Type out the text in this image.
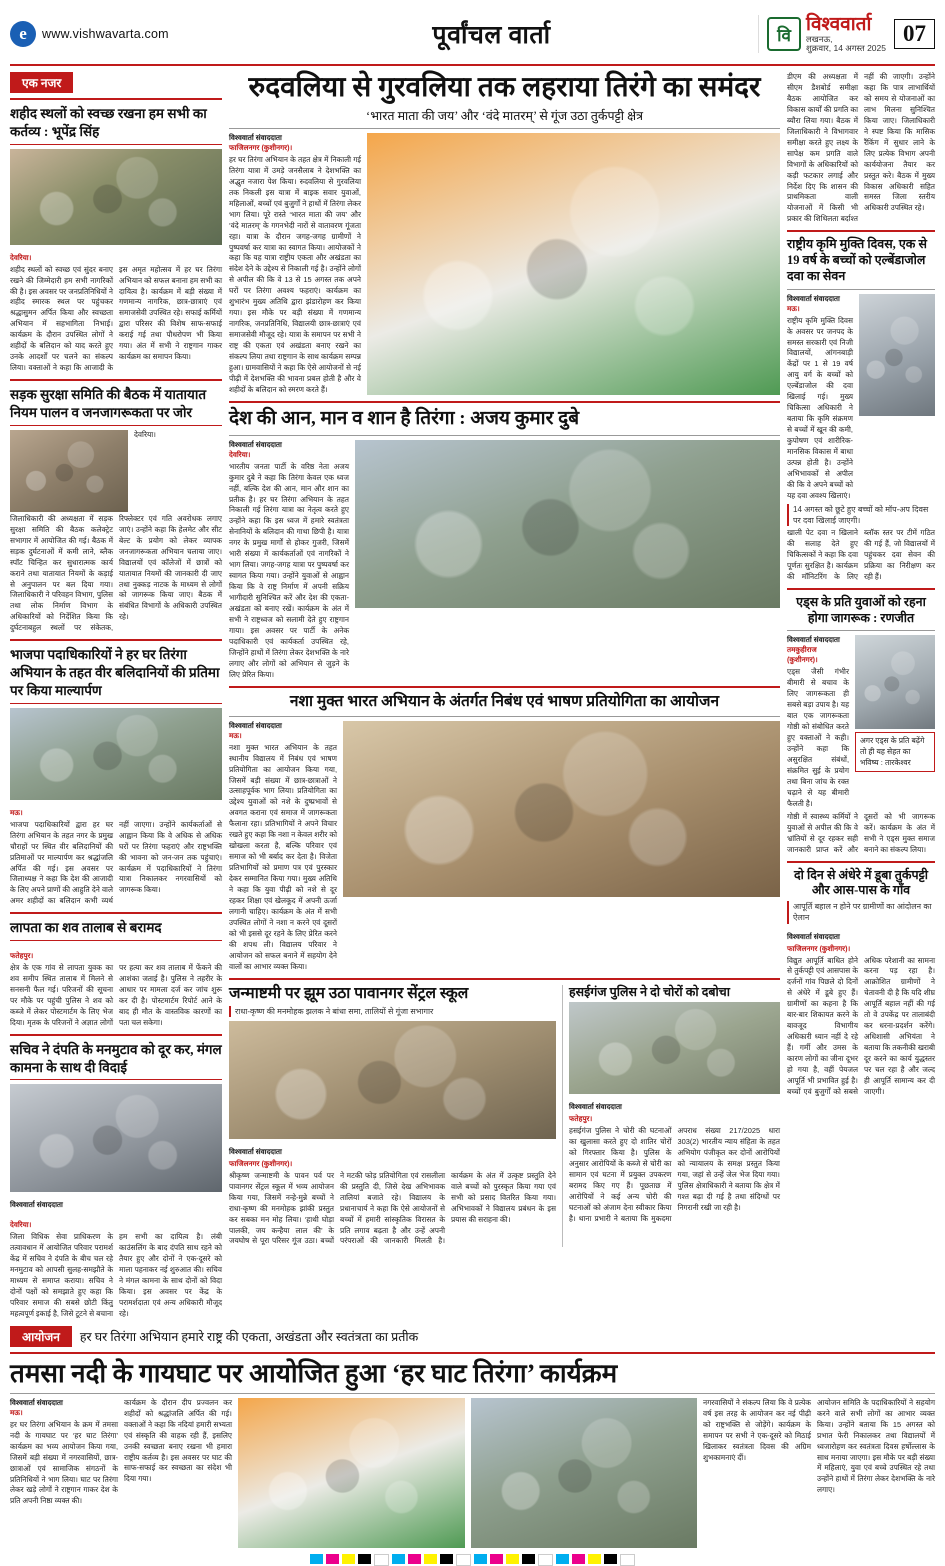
e	www.vishwavarta.com	पूर्वांचल वार्ता	वि विश्ववार्ता
लखनऊ,
शुक्रवार, 14 अगस्त 2025
07
एक नजर
शहीद स्थलों को स्वच्छ रखना हम सभी का कर्तव्य : भूपेंद्र सिंह
देवरिया।
शहीद स्थलों को स्वच्छ एवं सुंदर बनाए रखने की जिम्मेदारी हम सभी नागरिकों की है। इस अवसर पर जनप्रतिनिधियों ने शहीद स्मारक स्थल पर पहुंचकर श्रद्धासुमन अर्पित किया और स्वच्छता अभियान में सहभागिता निभाई। कार्यक्रम के दौरान उपस्थित लोगों ने शहीदों के बलिदान को याद करते हुए उनके आदर्शों पर चलने का संकल्प लिया। वक्ताओं ने कहा कि आजादी के इस अमृत महोत्सव में हर घर तिरंगा अभियान को सफल बनाना हम सभी का दायित्व है। कार्यक्रम में बड़ी संख्या में गणमान्य नागरिक, छात्र-छात्राएं एवं समाजसेवी उपस्थित रहे। सफाई कर्मियों द्वारा परिसर की विशेष साफ-सफाई कराई गई तथा पौधरोपण भी किया गया। अंत में सभी ने राष्ट्रगान गाकर कार्यक्रम का समापन किया।
सड़क सुरक्षा समिति की बैठक में यातायात नियम पालन व जनजागरूकता पर जोर
देवरिया।
जिलाधिकारी की अध्यक्षता में सड़क सुरक्षा समिति की बैठक कलेक्ट्रेट सभागार में आयोजित की गई। बैठक में सड़क दुर्घटनाओं में कमी लाने, ब्लैक स्पॉट चिन्हित कर सुधारात्मक कार्य कराने तथा यातायात नियमों के कड़ाई से अनुपालन पर बल दिया गया। जिलाधिकारी ने परिवहन विभाग, पुलिस तथा लोक निर्माण विभाग के अधिकारियों को निर्देशित किया कि दुर्घटनाबहुल स्थलों पर संकेतक, रिफ्लेक्टर एवं गति अवरोधक लगाए जाएं। उन्होंने कहा कि हेलमेट और सीट बेल्ट के प्रयोग को लेकर व्यापक जनजागरूकता अभियान चलाया जाए। विद्यालयों एवं कॉलेजों में छात्रों को यातायात नियमों की जानकारी दी जाए तथा नुक्कड़ नाटक के माध्यम से लोगों को जागरूक किया जाए। बैठक में संबंधित विभागों के अधिकारी उपस्थित रहे।
भाजपा पदाधिकारियों ने हर घर तिरंगा अभियान के तहत वीर बलिदानियों की प्रतिमा पर किया माल्यार्पण
मऊ।
भाजपा पदाधिकारियों द्वारा हर घर तिरंगा अभियान के तहत नगर के प्रमुख चौराहों पर स्थित वीर बलिदानियों की प्रतिमाओं पर माल्यार्पण कर श्रद्धांजलि अर्पित की गई। इस अवसर पर जिलाध्यक्ष ने कहा कि देश की आजादी के लिए अपने प्राणों की आहुति देने वाले अमर शहीदों का बलिदान कभी व्यर्थ नहीं जाएगा। उन्होंने कार्यकर्ताओं से आह्वान किया कि वे अधिक से अधिक घरों पर तिरंगा फहराएं और राष्ट्रभक्ति की भावना को जन-जन तक पहुंचाएं। कार्यक्रम में पदाधिकारियों ने तिरंगा यात्रा निकालकर नगरवासियों को जागरूक किया।
लापता का शव तालाब से बरामद
फतेहपुर।
क्षेत्र के एक गांव से लापता युवक का शव समीप स्थित तालाब में मिलने से सनसनी फैल गई। परिजनों की सूचना पर मौके पर पहुंची पुलिस ने शव को कब्जे में लेकर पोस्टमार्टम के लिए भेज दिया। मृतक के परिजनों ने अज्ञात लोगों पर हत्या कर शव तालाब में फेंकने की आशंका जताई है। पुलिस ने तहरीर के आधार पर मामला दर्ज कर जांच शुरू कर दी है। पोस्टमार्टम रिपोर्ट आने के बाद ही मौत के वास्तविक कारणों का पता चल सकेगा।
सचिव ने दंपति के मनमुटाव को दूर कर, मंगल कामना के साथ दी विदाई
विश्ववार्ता संवाददाता
देवरिया।
जिला विधिक सेवा प्राधिकरण के तत्वावधान में आयोजित परिवार परामर्श केंद्र में सचिव ने दंपति के बीच चल रहे मनमुटाव को आपसी सुलह-समझौते के माध्यम से समाप्त कराया। सचिव ने दोनों पक्षों को समझाते हुए कहा कि परिवार समाज की सबसे छोटी किंतु महत्वपूर्ण इकाई है, जिसे टूटने से बचाना हम सभी का दायित्व है। लंबी काउंसलिंग के बाद दंपति साथ रहने को तैयार हुए और दोनों ने एक-दूसरे को माला पहनाकर नई शुरुआत की। सचिव ने मंगल कामना के साथ दोनों को विदा किया। इस अवसर पर केंद्र के परामर्शदाता एवं अन्य अधिकारी मौजूद रहे।
रुदवलिया से गुरवलिया तक लहराया तिरंगे का समंदर
‘भारत माता की जय’ और ‘वंदे मातरम्’ से गूंज उठा तुर्कपट्टी क्षेत्र
विश्ववार्ता संवाददाता
फाजिलनगर (कुशीनगर)।
हर घर तिरंगा अभियान के तहत क्षेत्र में निकाली गई तिरंगा यात्रा में उमड़े जनसैलाब ने देशभक्ति का अद्भुत नजारा पेश किया। रुदवलिया से गुरवलिया तक निकली इस यात्रा में बाइक सवार युवाओं, महिलाओं, बच्चों एवं बुजुर्गों ने हाथों में तिरंगा लेकर भाग लिया। पूरे रास्ते ‘भारत माता की जय’ और ‘वंदे मातरम्’ के गगनभेदी नारों से वातावरण गूंजता रहा। यात्रा के दौरान जगह-जगह ग्रामीणों ने पुष्पवर्षा कर यात्रा का स्वागत किया। आयोजकों ने कहा कि यह यात्रा राष्ट्रीय एकता और अखंडता का संदेश देने के उद्देश्य से निकाली गई है। उन्होंने लोगों से अपील की कि वे 13 से 15 अगस्त तक अपने घरों पर तिरंगा अवश्य फहराएं। कार्यक्रम का शुभारंभ मुख्य अतिथि द्वारा झंडारोहण कर किया गया। इस मौके पर बड़ी संख्या में गणमान्य नागरिक, जनप्रतिनिधि, विद्यालयी छात्र-छात्राएं एवं समाजसेवी मौजूद रहे। यात्रा के समापन पर सभी ने राष्ट्र की एकता एवं अखंडता बनाए रखने का संकल्प लिया तथा राष्ट्रगान के साथ कार्यक्रम सम्पन्न हुआ। ग्रामवासियों ने कहा कि ऐसे आयोजनों से नई पीढ़ी में देशभक्ति की भावना प्रबल होती है और वे शहीदों के बलिदान को स्मरण करते हैं।
देश की आन, मान व शान है तिरंगा : अजय कुमार दुबे
विश्ववार्ता संवाददाता
देवरिया।
भारतीय जनता पार्टी के वरिष्ठ नेता अजय कुमार दुबे ने कहा कि तिरंगा केवल एक ध्वज नहीं, बल्कि देश की आन, मान और शान का प्रतीक है। हर घर तिरंगा अभियान के तहत निकाली गई तिरंगा यात्रा का नेतृत्व करते हुए उन्होंने कहा कि इस ध्वज में हमारे स्वतंत्रता सेनानियों के बलिदान की गाथा छिपी है। यात्रा नगर के प्रमुख मार्गों से होकर गुजरी, जिसमें भारी संख्या में कार्यकर्ताओं एवं नागरिकों ने भाग लिया। जगह-जगह यात्रा पर पुष्पवर्षा कर स्वागत किया गया। उन्होंने युवाओं से आह्वान किया कि वे राष्ट्र निर्माण में अपनी सक्रिय भागीदारी सुनिश्चित करें और देश की एकता-अखंडता को बनाए रखें। कार्यक्रम के अंत में सभी ने राष्ट्रध्वज को सलामी देते हुए राष्ट्रगान गाया। इस अवसर पर पार्टी के अनेक पदाधिकारी एवं कार्यकर्ता उपस्थित रहे, जिन्होंने हाथों में तिरंगा लेकर देशभक्ति के नारे लगाए और लोगों को अभियान से जुड़ने के लिए प्रेरित किया।
नशा मुक्त भारत अभियान के अंतर्गत निबंध एवं भाषण प्रतियोगिता का आयोजन
विश्ववार्ता संवाददाता
मऊ।
नशा मुक्त भारत अभियान के तहत स्थानीय विद्यालय में निबंध एवं भाषण प्रतियोगिता का आयोजन किया गया, जिसमें बड़ी संख्या में छात्र-छात्राओं ने उत्साहपूर्वक भाग लिया। प्रतियोगिता का उद्देश्य युवाओं को नशे के दुष्प्रभावों से अवगत कराना एवं समाज में जागरूकता फैलाना रहा। प्रतिभागियों ने अपने विचार रखते हुए कहा कि नशा न केवल शरीर को खोखला करता है, बल्कि परिवार एवं समाज को भी बर्बाद कर देता है। विजेता प्रतिभागियों को प्रमाण पत्र एवं पुरस्कार देकर सम्मानित किया गया। मुख्य अतिथि ने कहा कि युवा पीढ़ी को नशे से दूर रहकर शिक्षा एवं खेलकूद में अपनी ऊर्जा लगानी चाहिए। कार्यक्रम के अंत में सभी उपस्थित लोगों ने नशा न करने एवं दूसरों को भी इससे दूर रहने के लिए प्रेरित करने की शपथ ली। विद्यालय परिवार ने आयोजन को सफल बनाने में सहयोग देने वालों का आभार व्यक्त किया।
जन्माष्टमी पर झूम उठा पावानगर सेंट्रल स्कूल
राधा-कृष्ण की मनमोहक झलक ने बांधा समा, तालियों से गूंजा सभागार
विश्ववार्ता संवाददाता
फाजिलनगर (कुशीनगर)।
श्रीकृष्ण जन्माष्टमी के पावन पर्व पर पावानगर सेंट्रल स्कूल में भव्य आयोजन किया गया, जिसमें नन्हे-मुन्ने बच्चों ने राधा-कृष्ण की मनमोहक झांकी प्रस्तुत कर सबका मन मोह लिया। ‘हाथी घोड़ा पालकी, जय कन्हैया लाल की’ के जयघोष से पूरा परिसर गूंज उठा। बच्चों ने मटकी फोड़ प्रतियोगिता एवं रासलीला की प्रस्तुति दी, जिसे देख अभिभावक तालियां बजाते रहे। विद्यालय के प्रधानाचार्य ने कहा कि ऐसे आयोजनों से बच्चों में हमारी सांस्कृतिक विरासत के प्रति लगाव बढ़ता है और उन्हें अपनी परंपराओं की जानकारी मिलती है। कार्यक्रम के अंत में उत्कृष्ट प्रस्तुति देने वाले बच्चों को पुरस्कृत किया गया एवं सभी को प्रसाद वितरित किया गया। अभिभावकों ने विद्यालय प्रबंधन के इस प्रयास की सराहना की।
हसईगंज पुलिस ने दो चोरों को दबोचा
विश्ववार्ता संवाददाता
फतेहपुर।
हसईगंज पुलिस ने चोरी की घटनाओं का खुलासा करते हुए दो शातिर चोरों को गिरफ्तार किया है। पुलिस के अनुसार आरोपियों के कब्जे से चोरी का सामान एवं घटना में प्रयुक्त उपकरण बरामद किए गए हैं। पूछताछ में आरोपियों ने कई अन्य चोरी की घटनाओं को अंजाम देना स्वीकार किया है। थाना प्रभारी ने बताया कि मुकदमा अपराध संख्या 217/2025 धारा 303(2) भारतीय न्याय संहिता के तहत अभियोग पंजीकृत कर दोनों आरोपियों को न्यायालय के समक्ष प्रस्तुत किया गया, जहां से उन्हें जेल भेज दिया गया। पुलिस क्षेत्राधिकारी ने बताया कि क्षेत्र में गश्त बढ़ा दी गई है तथा संदिग्धों पर निगरानी रखी जा रही है।
डीएम की अध्यक्षता में सीएम डैशबोर्ड समीक्षा बैठक आयोजित कर विकास कार्यों की प्रगति का ब्यौरा लिया गया। बैठक में जिलाधिकारी ने विभागवार समीक्षा करते हुए लक्ष्य के सापेक्ष कम प्रगति वाले विभागों के अधिकारियों को कड़ी फटकार लगाई और निर्देश दिए कि शासन की प्राथमिकता वाली योजनाओं में किसी भी प्रकार की शिथिलता बर्दाश्त नहीं की जाएगी। उन्होंने कहा कि पात्र लाभार्थियों को समय से योजनाओं का लाभ मिलना सुनिश्चित किया जाए। जिलाधिकारी ने स्पष्ट किया कि मासिक रैंकिंग में सुधार लाने के लिए प्रत्येक विभाग अपनी कार्ययोजना तैयार कर प्रस्तुत करे। बैठक में मुख्य विकास अधिकारी सहित समस्त जिला स्तरीय अधिकारी उपस्थित रहे।
राष्ट्रीय कृमि मुक्ति दिवस, एक से 19 वर्ष के बच्चों को एल्बेंडाजोल दवा का सेवन
विश्ववार्ता संवाददाता
मऊ।
राष्ट्रीय कृमि मुक्ति दिवस के अवसर पर जनपद के समस्त सरकारी एवं निजी विद्यालयों, आंगनबाड़ी केंद्रों पर 1 से 19 वर्ष आयु वर्ग के बच्चों को एल्बेंडाजोल की दवा खिलाई गई। मुख्य चिकित्सा अधिकारी ने बताया कि कृमि संक्रमण से बच्चों में खून की कमी, कुपोषण एवं शारीरिक-मानसिक विकास में बाधा उत्पन्न होती है। उन्होंने अभिभावकों से अपील की कि वे अपने बच्चों को यह दवा अवश्य खिलाएं।
14 अगस्त को छूटे हुए बच्चों को मॉप-अप दिवस पर दवा खिलाई जाएगी।
खाली पेट दवा न खिलाने की सलाह देते हुए चिकित्सकों ने कहा कि दवा पूर्णतः सुरक्षित है। कार्यक्रम की मॉनिटरिंग के लिए ब्लॉक स्तर पर टीमें गठित की गई हैं, जो विद्यालयों में पहुंचकर दवा सेवन की प्रक्रिया का निरीक्षण कर रही हैं।
एड्स के प्रति युवाओं को रहना होगा जागरूक : रणजीत
विश्ववार्ता संवाददाता
तमकुहीराज (कुशीनगर)।
एड्स जैसी गंभीर बीमारी से बचाव के लिए जागरूकता ही सबसे बड़ा उपाय है। यह बात एक जागरूकता गोष्ठी को संबोधित करते हुए वक्ताओं ने कही। उन्होंने कहा कि असुरक्षित संबंधों, संक्रमित सुई के प्रयोग तथा बिना जांच के रक्त चढ़ाने से यह बीमारी फैलती है।
अगर एड्स के प्रति बढ़ेंगे तो ही यह सेहत का भविष्य : तारकेश्वर
गोष्ठी में स्वास्थ्य कर्मियों ने युवाओं से अपील की कि वे भ्रांतियों से दूर रहकर सही जानकारी प्राप्त करें और दूसरों को भी जागरूक करें। कार्यक्रम के अंत में सभी ने एड्स मुक्त समाज बनाने का संकल्प लिया।
दो दिन से अंधेरे में डूबा तुर्कपट्टी और आस-पास के गाँव
आपूर्ति बहाल न होने पर ग्रामीणों का आंदोलन का ऐलान
विश्ववार्ता संवाददाता
फाजिलनगर (कुशीनगर)।
विद्युत आपूर्ति बाधित होने से तुर्कपट्टी एवं आसपास के दर्जनों गांव पिछले दो दिनों से अंधेरे में डूबे हुए हैं। ग्रामीणों का कहना है कि बार-बार शिकायत करने के बावजूद विभागीय अधिकारी ध्यान नहीं दे रहे हैं। गर्मी और उमस के कारण लोगों का जीना दूभर हो गया है, वहीं पेयजल आपूर्ति भी प्रभावित हुई है। बच्चों एवं बुजुर्गों को सबसे अधिक परेशानी का सामना करना पड़ रहा है। आक्रोशित ग्रामीणों ने चेतावनी दी है कि यदि शीघ्र आपूर्ति बहाल नहीं की गई तो वे उपकेंद्र पर तालाबंदी कर धरना-प्रदर्शन करेंगे। अधिशासी अभियंता ने बताया कि तकनीकी खराबी दूर करने का कार्य युद्धस्तर पर चल रहा है और जल्द ही आपूर्ति सामान्य कर दी जाएगी।
आयोजन	हर घर तिरंगा अभियान हमारे राष्ट्र की एकता, अखंडता और स्वतंत्रता का प्रतीक
तमसा नदी के गायघाट पर आयोजित हुआ ‘हर घाट तिरंगा’ कार्यक्रम
विश्ववार्ता संवाददाता
मऊ।
हर घर तिरंगा अभियान के क्रम में तमसा नदी के गायघाट पर ‘हर घाट तिरंगा’ कार्यक्रम का भव्य आयोजन किया गया, जिसमें बड़ी संख्या में नगरवासियों, छात्र-छात्राओं एवं सामाजिक संगठनों के प्रतिनिधियों ने भाग लिया। घाट पर तिरंगा लेकर खड़े लोगों ने राष्ट्रगान गाकर देश के प्रति अपनी निष्ठा व्यक्त की।
कार्यक्रम के दौरान दीप प्रज्वलन कर शहीदों को श्रद्धांजलि अर्पित की गई। वक्ताओं ने कहा कि नदियां हमारी सभ्यता एवं संस्कृति की वाहक रही हैं, इसलिए उनकी स्वच्छता बनाए रखना भी हमारा राष्ट्रीय कर्तव्य है। इस अवसर पर घाट की साफ-सफाई कर स्वच्छता का संदेश भी दिया गया।
नगरवासियों ने संकल्प लिया कि वे प्रत्येक वर्ष इस तरह के आयोजन कर नई पीढ़ी को राष्ट्रभक्ति से जोड़ेंगे। कार्यक्रम के समापन पर सभी ने एक-दूसरे को मिठाई खिलाकर स्वतंत्रता दिवस की अग्रिम शुभकामनाएं दीं।
आयोजन समिति के पदाधिकारियों ने सहयोग करने वाले सभी लोगों का आभार व्यक्त किया। उन्होंने बताया कि 15 अगस्त को प्रभात फेरी निकालकर तथा विद्यालयों में ध्वजारोहण कर स्वतंत्रता दिवस हर्षोल्लास के साथ मनाया जाएगा। इस मौके पर बड़ी संख्या में महिलाएं, युवा एवं बच्चे उपस्थित रहे तथा उन्होंने हाथों में तिरंगा लेकर देशभक्ति के नारे लगाए।
